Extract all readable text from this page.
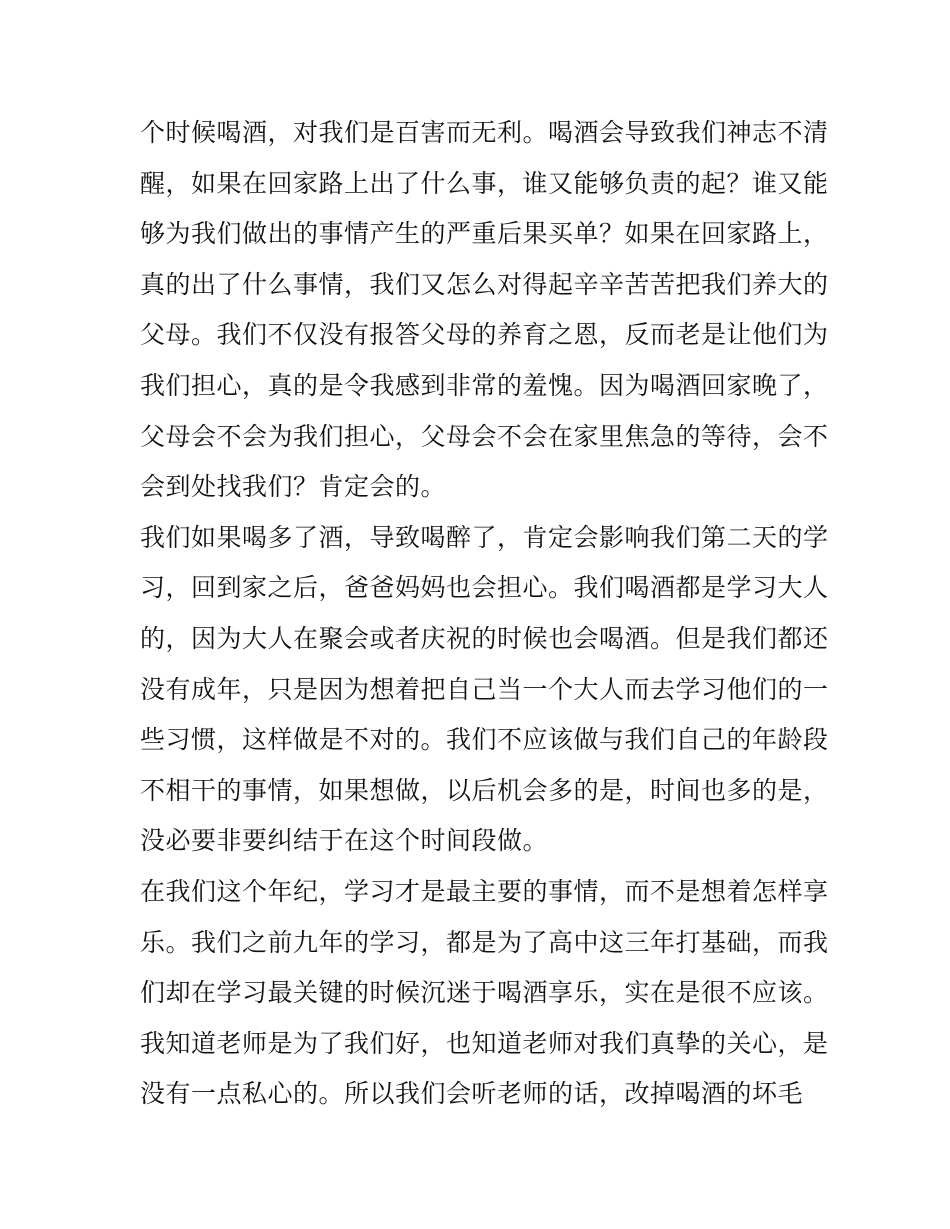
个时候喝酒，对我们是百害而无利。喝酒会导致我们神志不清
醒，如果在回家路上出了什么事，谁又能够负责的起？谁又能
够为我们做出的事情产生的严重后果买单？如果在回家路上，
真的出了什么事情，我们又怎么对得起辛辛苦苦把我们养大的
父母。我们不仅没有报答父母的养育之恩，反而老是让他们为
我们担心，真的是令我感到非常的羞愧。因为喝酒回家晚了，
父母会不会为我们担心，父母会不会在家里焦急的等待，会不
会到处找我们？肯定会的。
我们如果喝多了酒，导致喝醉了，肯定会影响我们第二天的学
习，回到家之后，爸爸妈妈也会担心。我们喝酒都是学习大人
的，因为大人在聚会或者庆祝的时候也会喝酒。但是我们都还
没有成年，只是因为想着把自己当一个大人而去学习他们的一
些习惯，这样做是不对的。我们不应该做与我们自己的年龄段
不相干的事情，如果想做，以后机会多的是，时间也多的是，
没必要非要纠结于在这个时间段做。
在我们这个年纪，学习才是最主要的事情，而不是想着怎样享
乐。我们之前九年的学习，都是为了高中这三年打基础，而我
们却在学习最关键的时候沉迷于喝酒享乐，实在是很不应该。
我知道老师是为了我们好，也知道老师对我们真挚的关心，是
没有一点私心的。所以我们会听老师的话，改掉喝酒的坏毛
